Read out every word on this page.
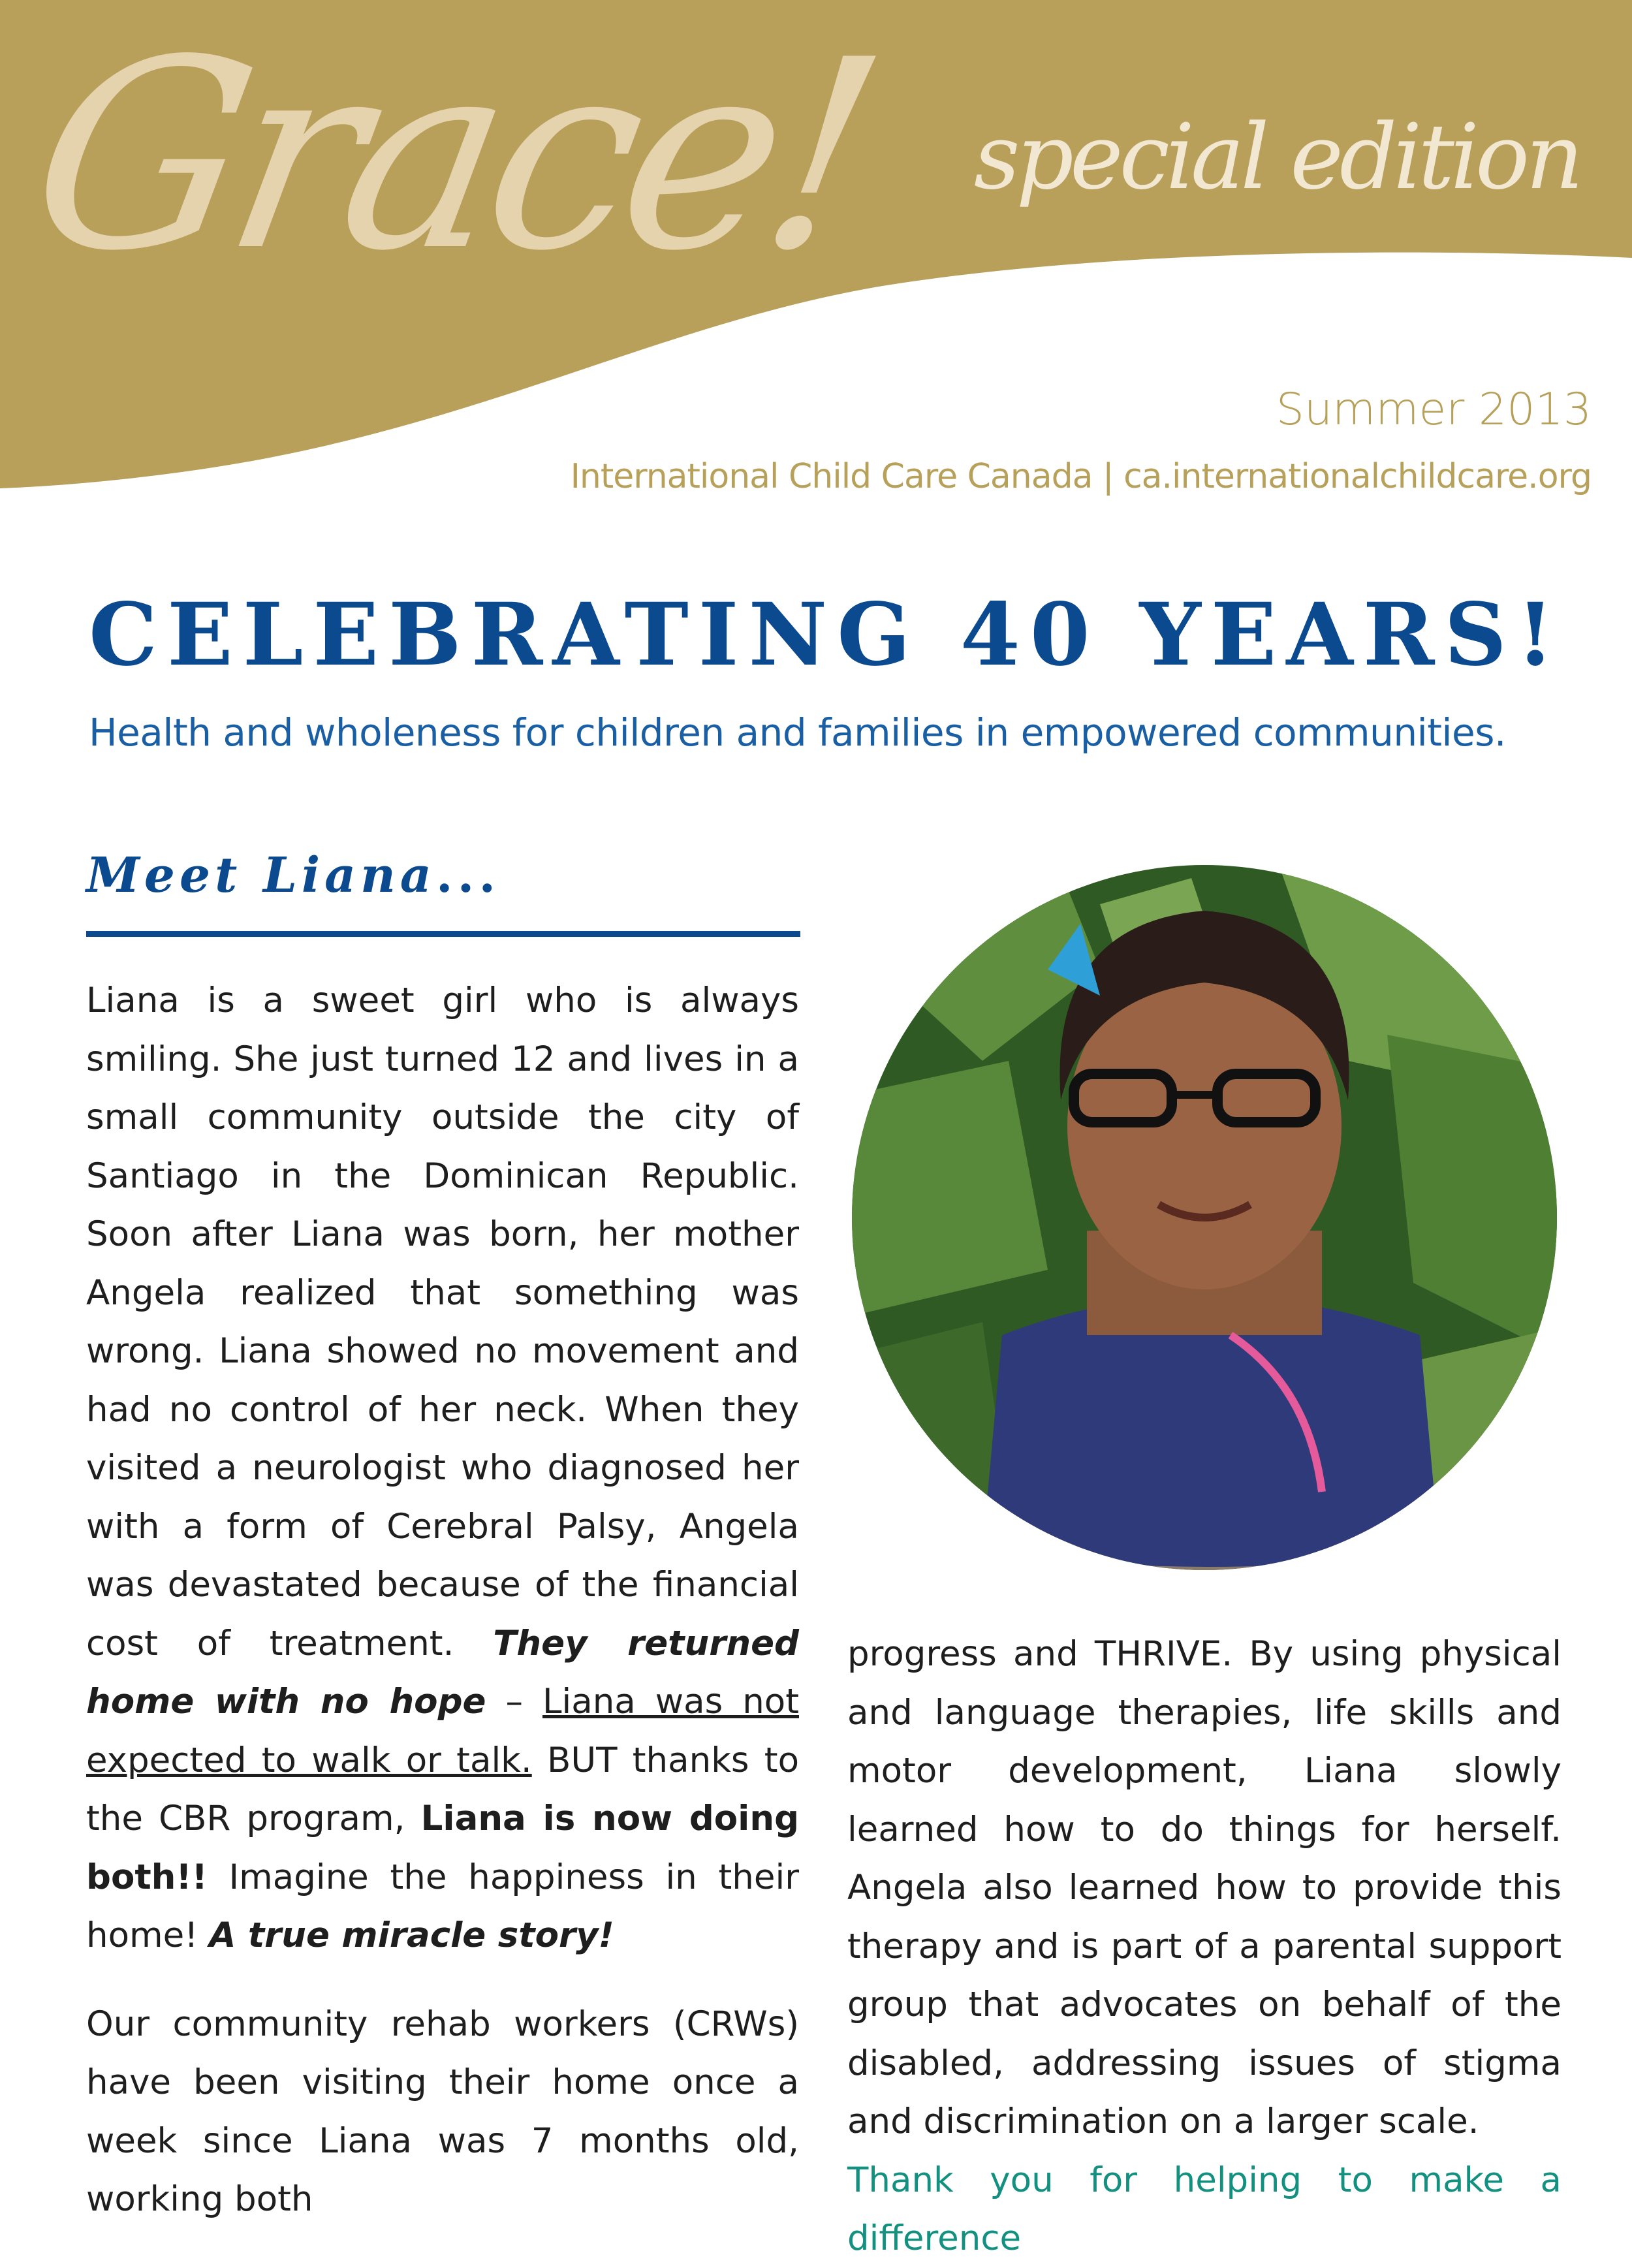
Grace! special edition
Summer 2013
International Child Care Canada | ca.internationalchildcare.org
CELEBRATING 40 YEARS!
Health and wholeness for children and families in empowered communities.
Meet Liana...

Liana is a sweet girl who is always smiling. She just turned 12 and lives in a small community outside the city of Santiago in the Dominican Republic. Soon after Liana was born, her mother Angela realized that something was wrong. Liana showed no movement and had no control of her neck. When they visited a neurologist who diagnosed her with a form of Cerebral Palsy, Angela was devastated because of the financial cost of treatment. They returned home with no hope – Liana was not expected to walk or talk. BUT thanks to the CBR program, Liana is now doing both!! Imagine the happiness in their home! A true miracle story!

Our community rehab workers (CRWs) have been visiting their home once a week since Liana was 7 months old, working both

progress and THRIVE. By using physical and language therapies, life skills and motor development, Liana slowly learned how to do things for herself. Angela also learned how to provide this therapy and is part of a parental support group that advocates on behalf of the disabled, addressing issues of stigma and discrimination on a larger scale.

Thank you for helping to make a difference
